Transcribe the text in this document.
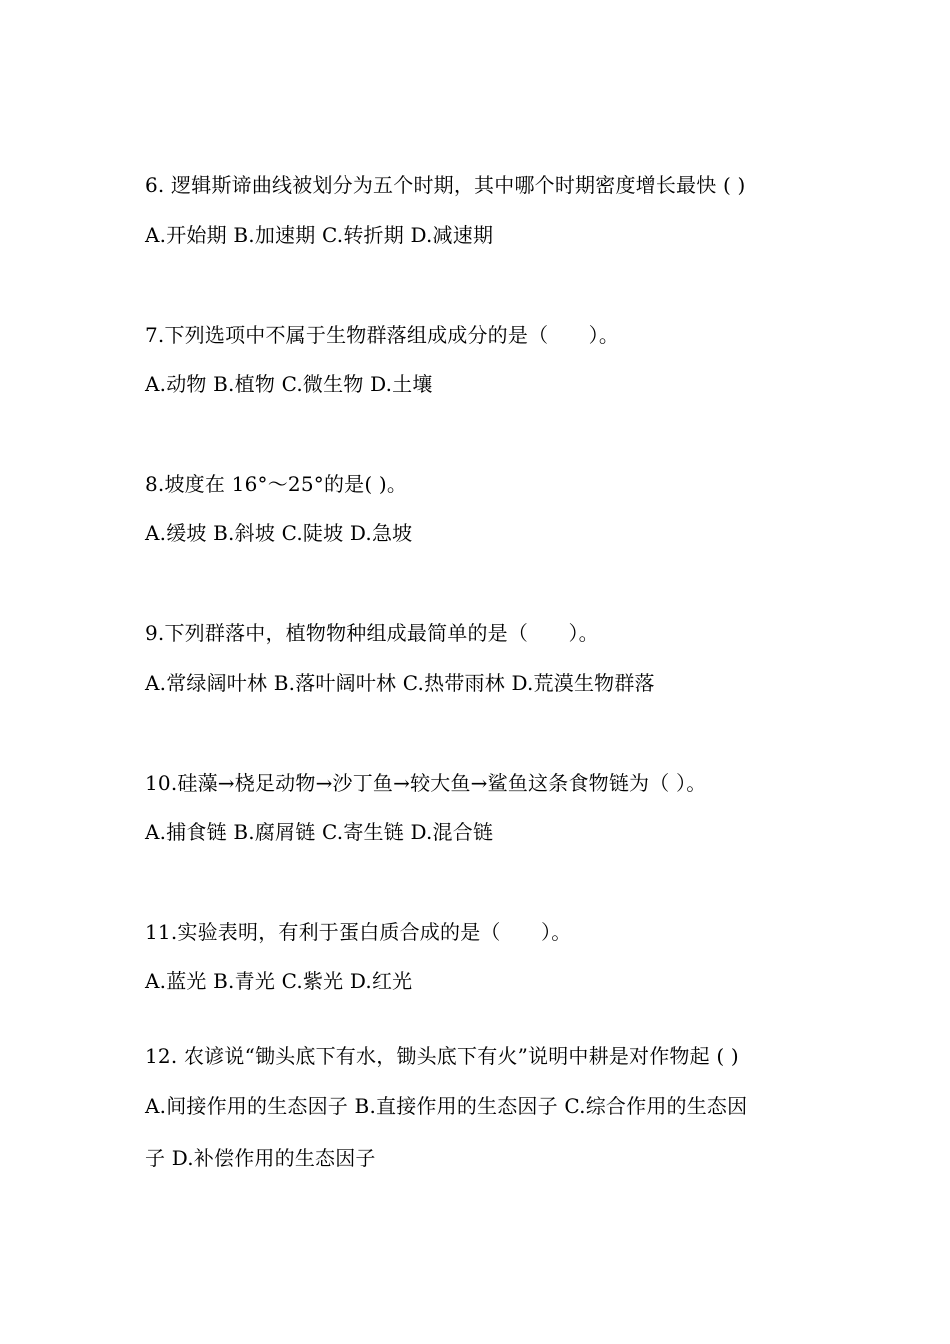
6. 逻辑斯谛曲线被划分为五个时期，其中哪个时期密度增长最快 ( )
A.开始期 B.加速期 C.转折期 D.减速期
7.下列选项中不属于生物群落组成成分的是（　　）。
A.动物 B.植物 C.微生物 D.土壤
8.坡度在 16°～25°的是( )。
A.缓坡 B.斜坡 C.陡坡 D.急坡
9.下列群落中，植物物种组成最简单的是（　　）。
A.常绿阔叶林 B.落叶阔叶林 C.热带雨林 D.荒漠生物群落
10.硅藻→桡足动物→沙丁鱼→较大鱼→鲨鱼这条食物链为（ ）。
A.捕食链 B.腐屑链 C.寄生链 D.混合链
11.实验表明，有利于蛋白质合成的是（　　）。
A.蓝光 B.青光 C.紫光 D.红光
12. 农谚说“锄头底下有水，锄头底下有火”说明中耕是对作物起 ( )
A.间接作用的生态因子 B.直接作用的生态因子 C.综合作用的生态因
子 D.补偿作用的生态因子
